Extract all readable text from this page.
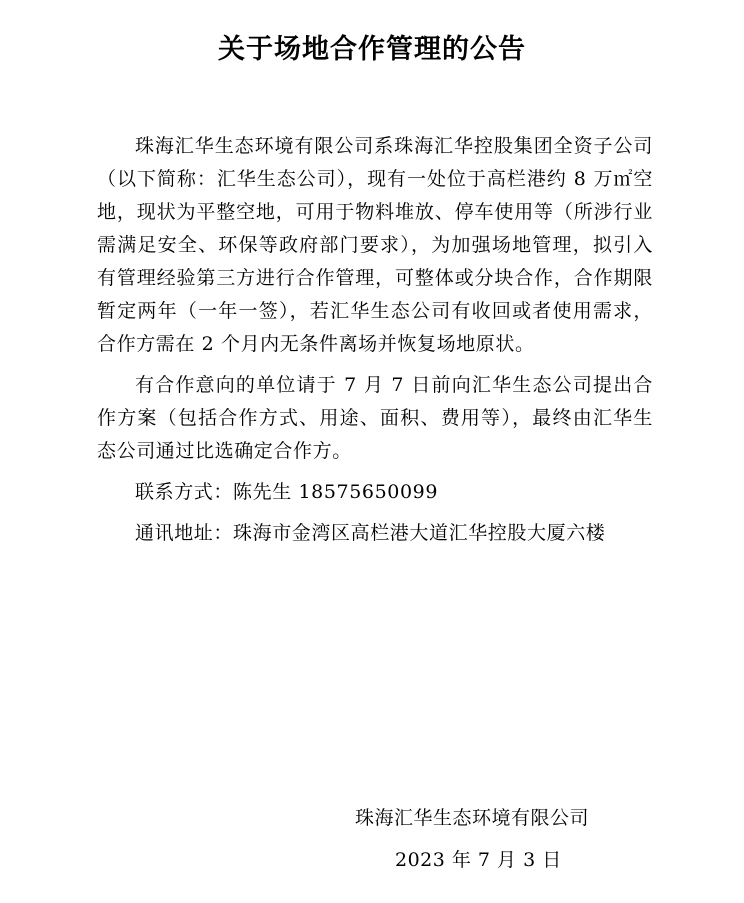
关于场地合作管理的公告

珠海汇华生态环境有限公司系珠海汇华控股集团全资子公司（以下简称：汇华生态公司），现有一处位于高栏港约 8 万㎡空地，现状为平整空地，可用于物料堆放、停车使用等（所涉行业需满足安全、环保等政府部门要求），为加强场地管理，拟引入有管理经验第三方进行合作管理，可整体或分块合作，合作期限暂定两年（一年一签），若汇华生态公司有收回或者使用需求，合作方需在 2 个月内无条件离场并恢复场地原状。

有合作意向的单位请于 7 月 7 日前向汇华生态公司提出合作方案（包括合作方式、用途、面积、费用等），最终由汇华生态公司通过比选确定合作方。

联系方式：陈先生 18575650099

通讯地址：珠海市金湾区高栏港大道汇华控股大厦六楼

珠海汇华生态环境有限公司
2023 年 7 月 3 日
